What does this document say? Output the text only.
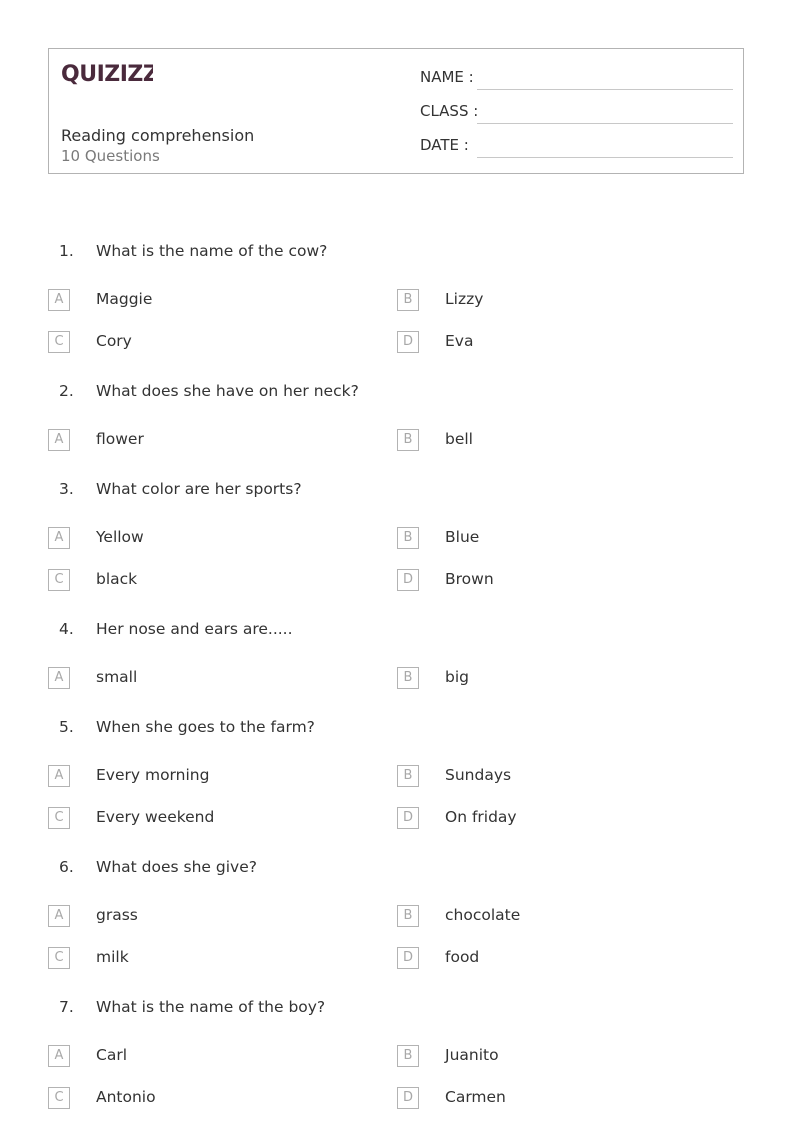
QUIZIZZ
Reading comprehension
10 Questions
NAME :
CLASS :
DATE :
1. What is the name of the cow?
A	Maggie	B	Lizzy
C	Cory	D	Eva
2. What does she have on her neck?
A	flower	B	bell
3. What color are her sports?
A	Yellow	B	Blue
C	black	D	Brown
4. Her nose and ears are.....
A	small	B	big
5. When she goes to the farm?
A	Every morning	B	Sundays
C	Every weekend	D	On friday
6. What does she give?
A	grass	B	chocolate
C	milk	D	food
7. What is the name of the boy?
A	Carl	B	Juanito
C	Antonio	D	Carmen
